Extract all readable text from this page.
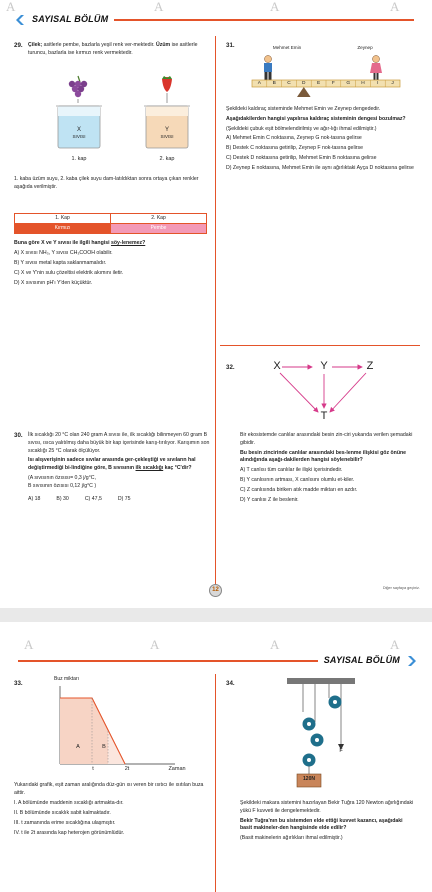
A	A	A	A
SAYISAL BÖLÜM
29. Çilek; asitlerle pembe, bazlarla yeşil renk ver-mektedir. Üzüm ise asitlerle turuncu, bazlarla ise kırmızı renk vermektedir.
X
SIVISI
1. kap
Y
SIVISI
2. kap
1. kaba üzüm suyu, 2. kaba çilek suyu dam-latıldıktan sonra ortaya çıkan renkler aşağıda verilmiştir.
1. Kap	2. Kap
Kırmızı	Pembe

Buna göre X ve Y sıvısı ile ilgili hangisi söy-lenemez?

A) X sıvısı NH₃, Y sıvısı CH₃COOH olabilir.
B) Y sıvısı metal kapta saklanmamalıdır.
C) X ve Y'nin sulu çözeltisi elektrik akımını iletir.
D) X sıvısının pH'ı Y'den küçüktür.
31.	Mehmet Emin	Zeynep
A	B	C	D	E	F	G	H	I	J

Şekildeki kaldıraç sisteminde Mehmet Emin ve Zeynep dengededir.

Aşağıdakilerden hangisi yapılırsa kaldıraç sisteminin dengesi bozulmaz?

(Şekildeki çubuk eşit bölmelendirilmiş ve ağır-lığı ihmal edilmiştir.)

A) Mehmet Emin C noktasına, Zeynep G nok-tasına gelirse
B) Destek C noktasına getirilip, Zeynep F nok-tasına gelirse
C) Destek D noktasına getirilip, Mehmet Emin B noktasına gelirse
D) Zeynep E noktasına, Mehmet Emin ile aynı ağırlıktaki Ayça D noktasına gelirse
32.	X	Y	Z
T

Bir ekosistemde canlılar arasındaki besin zin-ciri yukarıda verilen şemadaki gibidir.

Bu besin zincirinde canlılar arasındaki bes-lenme ilişkisi göz önüne alındığında aşağı-dakilerden hangisi söylenebilir?

A) T canlısı tüm canlılar ile ilişki içerisindedir.
B) Y canlısının artması, X canlısını olumlu et-kiler.
C) Z canlısında biriken atık madde miktarı en azdır.
D) Y canlısı Z ile beslenir.
30. İlk sıcaklığı 20 °C olan 240 gram A sıvısı ile, ilk sıcaklığı bilinmeyen 60 gram B sıvısı, ısıca yalıtılmış daha büyük bir kap içerisinde karış-tırılıyor. Karışımın son sıcaklığı 25 °C olarak ölçülüyor.

Isı alışverişinin sadece sıvılar arasında ger-çekleştiği ve sıvıların hal değiştirmediği bi-lindiğine göre, B sıvısının ilk sıcaklığı kaç °C'dir?

(A sıvısının özısısı= 0,3 j/g°C,
B sıvısının özısısı 0,12 j/g°C )
A) 18	B) 30	C) 47,5	D) 75
12	Diğer sayfaya geçiniz.
A	A	A	A
SAYISAL BÖLÜM
33.
Buz miktarı
A	B
t	2t	Zaman

Yukarıdaki grafik, eşit zaman aralığında düz-gün ısı veren bir ısıtıcı ile ısıtılan buza aittir.

I. A bölümünde maddenin sıcaklığı artmakta-dır.
II. B bölümünde sıcaklık sabit kalmaktadır.
III. t zamanında erime sıcaklığına ulaşmıştır.
IV. t ile 2t arasında kap heterojen görünümlüdür.
34.
F
120N

Şekildeki makara sistemini hazırlayan Bekir Tuğra 120 Newton ağırlığındaki yükü F kuvveti ile dengelemektedir.

Bekir Tuğra'nın bu sistemden elde ettiği kuvvet kazancı, aşağıdaki basit makineler-den hangisinde elde edilir?

(Basit makinelerin ağırlıkları ihmal edilmiştir.)
